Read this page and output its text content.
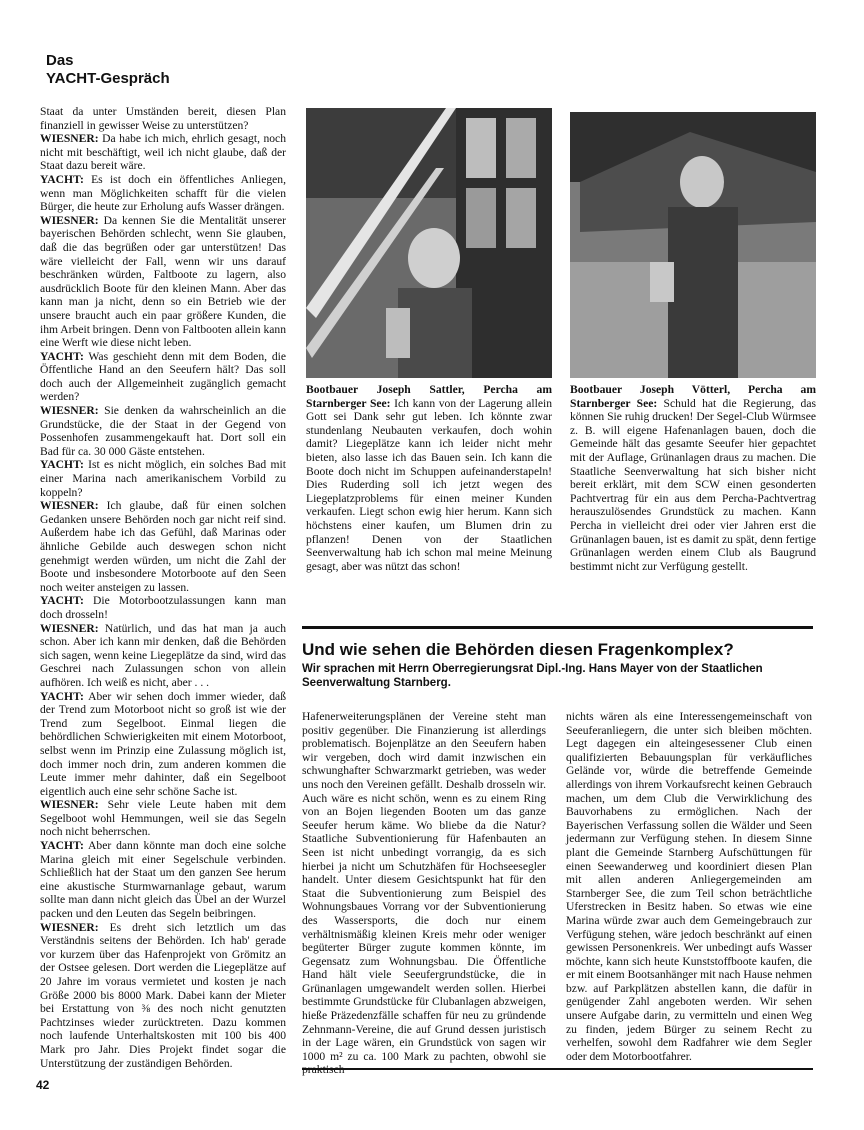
Das
YACHT-Gespräch

Staat da unter Umständen bereit, diesen Plan finanziell in gewisser Weise zu unterstützen?

WIESNER: Da habe ich mich, ehrlich gesagt, noch nicht mit beschäftigt, weil ich nicht glaube, daß der Staat dazu bereit wäre.

YACHT: Es ist doch ein öffentliches Anliegen, wenn man Möglichkeiten schafft für die vielen Bürger, die heute zur Erholung aufs Wasser drängen.

WIESNER: Da kennen Sie die Mentalität unserer bayerischen Behörden schlecht, wenn Sie glauben, daß die das begrüßen oder gar unterstützen! Das wäre vielleicht der Fall, wenn wir uns darauf beschränken würden, Faltboote zu lagern, also ausdrücklich Boote für den kleinen Mann. Aber das kann man ja nicht, denn so ein Betrieb wie der unsere braucht auch ein paar größere Kunden, die ihm Arbeit bringen. Denn von Faltbooten allein kann eine Werft wie diese nicht leben.

YACHT: Was geschieht denn mit dem Boden, die Öffentliche Hand an den Seeufern hält? Das soll doch auch der Allgemeinheit zugänglich gemacht werden?

WIESNER: Sie denken da wahrscheinlich an die Grundstücke, die der Staat in der Gegend von Possenhofen zusammengekauft hat. Dort soll ein Bad für ca. 30 000 Gäste entstehen.

YACHT: Ist es nicht möglich, ein solches Bad mit einer Marina nach amerikanischem Vorbild zu koppeln?

WIESNER: Ich glaube, daß für einen solchen Gedanken unsere Behörden noch gar nicht reif sind. Außerdem habe ich das Gefühl, daß Marinas oder ähnliche Gebilde auch deswegen schon nicht genehmigt werden würden, um nicht die Zahl der Boote und insbesondere Motorboote auf den Seen noch weiter ansteigen zu lassen.

YACHT: Die Motorbootzulassungen kann man doch drosseln!

WIESNER: Natürlich, und das hat man ja auch schon. Aber ich kann mir denken, daß die Behörden sich sagen, wenn keine Liegeplätze da sind, wird das Geschrei nach Zulassungen schon von allein aufhören. Ich weiß es nicht, aber . . .

YACHT: Aber wir sehen doch immer wieder, daß der Trend zum Motorboot nicht so groß ist wie der Trend zum Segelboot. Einmal liegen die behördlichen Schwierigkeiten mit einem Motorboot, selbst wenn im Prinzip eine Zulassung möglich ist, doch immer noch drin, zum anderen kommen die Leute immer mehr dahinter, daß ein Segelboot eigentlich auch eine sehr schöne Sache ist.

WIESNER: Sehr viele Leute haben mit dem Segelboot wohl Hemmungen, weil sie das Segeln noch nicht beherrschen.

YACHT: Aber dann könnte man doch eine solche Marina gleich mit einer Segelschule verbinden. Schließlich hat der Staat um den ganzen See herum eine akustische Sturmwarnanlage gebaut, warum sollte man dann nicht gleich das Übel an der Wurzel packen und den Leuten das Segeln beibringen.

WIESNER: Es dreht sich letztlich um das Verständnis seitens der Behörden. Ich hab' gerade vor kurzem über das Hafenprojekt von Grömitz an der Ostsee gelesen. Dort werden die Liegeplätze auf 20 Jahre im voraus vermietet und kosten je nach Größe 2000 bis 8000 Mark. Dabei kann der Mieter bei Erstattung von ⅜ des noch nicht genutzten Pachtzinses wieder zurücktreten. Dazu kommen noch laufende Unterhaltskosten mit 100 bis 400 Mark pro Jahr. Dies Projekt findet sogar die Unterstützung der zuständigen Behörden.

Bootbauer Joseph Sattler, Percha am Starnberger See: Ich kann von der Lagerung allein Gott sei Dank sehr gut leben. Ich könnte zwar stundenlang Neubauten verkaufen, doch wohin damit? Liegeplätze kann ich leider nicht mehr bieten, also lasse ich das Bauen sein. Ich kann die Boote doch nicht im Schuppen aufeinanderstapeln! Dies Ruderding soll ich jetzt wegen des Liegeplatzproblems für einen meiner Kunden verkaufen. Liegt schon ewig hier herum. Kann sich höchstens einer kaufen, um Blumen drin zu pflanzen! Denen von der Staatlichen Seenverwaltung hab ich schon mal meine Meinung gesagt, aber was nützt das schon!
Bootbauer Joseph Vötterl, Percha am Starnberger See: Schuld hat die Regierung, das können Sie ruhig drucken! Der Segel-Club Würmsee z. B. will eigene Hafenanlagen bauen, doch die Gemeinde hält das gesamte Seeufer hier gepachtet mit der Auflage, Grünanlagen draus zu machen. Die Staatliche Seenverwaltung hat sich bisher nicht bereit erklärt, mit dem SCW einen gesonderten Pachtvertrag für ein aus dem Percha-Pachtvertrag herauszulösendes Grundstück zu machen. Kann Percha in vielleicht drei oder vier Jahren erst die Grünanlagen bauen, ist es damit zu spät, denn fertige Grünanlagen werden einem Club als Baugrund bestimmt nicht zur Verfügung gestellt.
Und wie sehen die Behörden diesen Fragenkomplex?
Wir sprachen mit Herrn Oberregierungsrat Dipl.-Ing. Hans Mayer von der Staatlichen Seenverwaltung Starnberg.

Hafenerweiterungsplänen der Vereine steht man positiv gegenüber. Die Finanzierung ist allerdings problematisch. Bojenplätze an den Seeufern haben wir vergeben, doch wird damit inzwischen ein schwunghafter Schwarzmarkt getrieben, was weder uns noch den Vereinen gefällt. Deshalb drosseln wir. Auch wäre es nicht schön, wenn es zu einem Ring von an Bojen liegenden Booten um das ganze Seeufer herum käme. Wo bliebe da die Natur? Staatliche Subventionierung für Hafenbauten an Seen ist nicht unbedingt vorrangig, da es sich hierbei ja nicht um Schutzhäfen für Hochseesegler handelt. Unter diesem Gesichtspunkt hat für den Staat die Subventionierung zum Beispiel des Wohnungsbaues Vorrang vor der Subventionierung des Wassersports, die doch nur einem verhältnismäßig kleinen Kreis mehr oder weniger begüterter Bürger zugute kommen könnte, im Gegensatz zum Wohnungsbau. Die Öffentliche Hand hält viele Seeufergrundstücke, die in Grünanlagen umgewandelt werden sollen. Hierbei bestimmte Grundstücke für Clubanlagen abzweigen, hieße Präzedenzfälle schaffen für neu zu gründende Zehnmann-Vereine, die auf Grund dessen juristisch in der Lage wären, ein Grundstück von sagen wir 1000 m² zu ca. 100 Mark zu pachten, obwohl sie

nichts wären als eine Interessengemeinschaft von Seeuferanliegern, die unter sich bleiben möchten. Legt dagegen ein alteingesessener Club einen qualifizierten Bebauungsplan für verkäufliches Gelände vor, würde die betreffende Gemeinde allerdings von ihrem Vorkaufsrecht keinen Gebrauch machen, um dem Club die Verwirklichung des Bauvorhabens zu ermöglichen. Nach der Bayerischen Verfassung sollen die Wälder und Seen jedermann zur Verfügung stehen. In diesem Sinne plant die Gemeinde Starnberg Aufschüttungen für einen Seewanderweg und koordiniert diesen Plan mit allen anderen Anliegergemeinden am Starnberger See, die zum Teil schon beträchtliche Uferstrecken in Besitz haben. So etwas wie eine Marina würde zwar auch dem Gemeingebrauch zur Verfügung stehen, wäre jedoch beschränkt auf einen gewissen Personenkreis. Wer unbedingt aufs Wasser möchte, kann sich heute Kunststoffboote kaufen, die er mit einem Bootsanhänger mit nach Hause nehmen bzw. auf Parkplätzen abstellen kann, die dafür in genügender Zahl angeboten werden. Wir sehen unsere Aufgabe darin, zu vermitteln und einen Weg zu finden, jedem Bürger zu seinem Recht zu verhelfen, sowohl dem Radfahrer wie dem Segler oder dem Motorbootfahrer.

42
